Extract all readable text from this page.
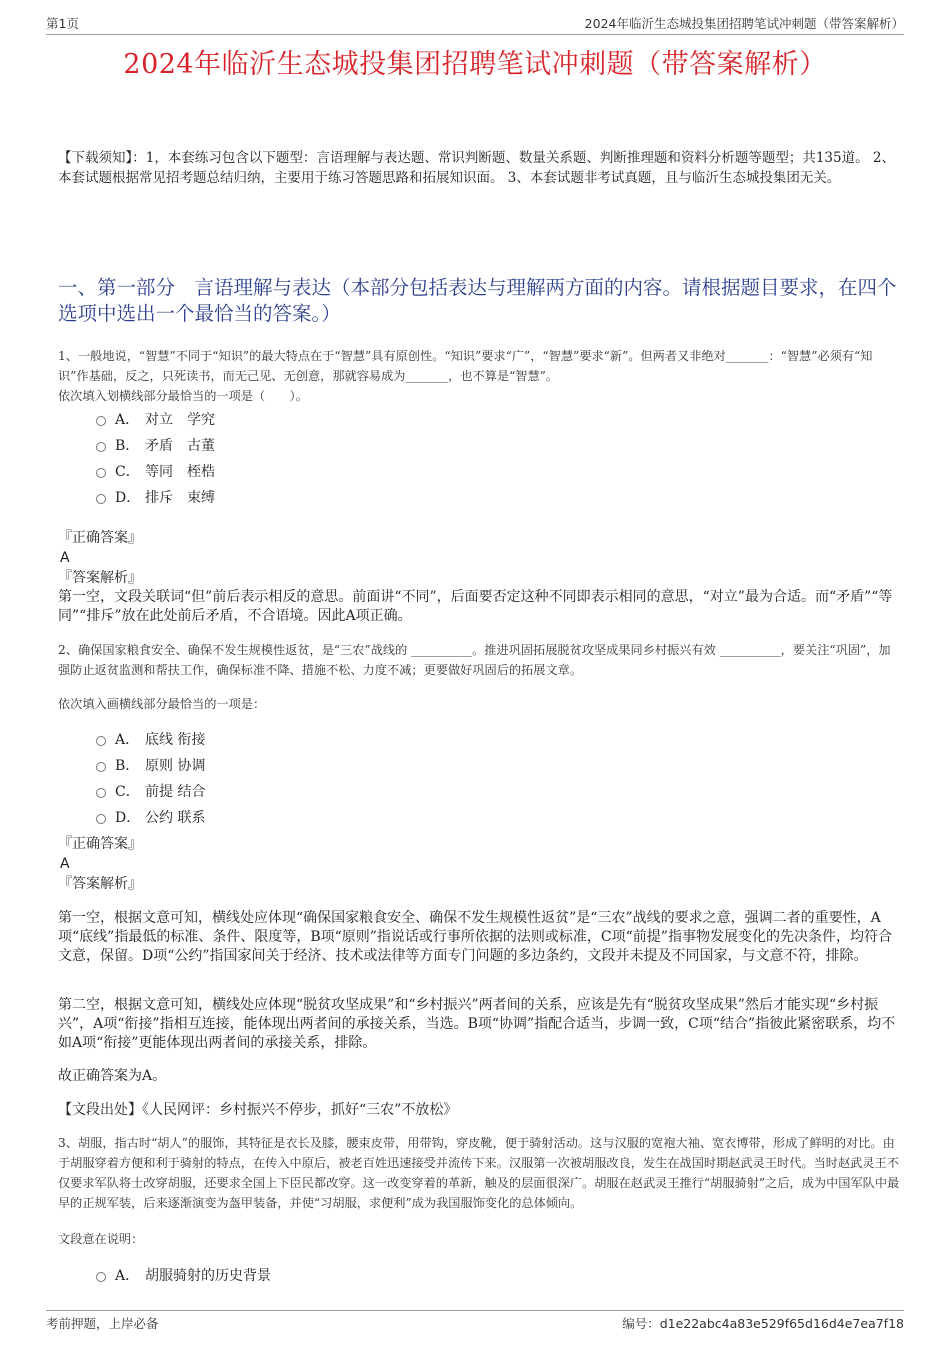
第1页	2024年临沂生态城投集团招聘笔试冲刺题（带答案解析）
2024年临沂生态城投集团招聘笔试冲刺题（带答案解析）

【下载须知】：1，本套练习包含以下题型：言语理解与表达题、常识判断题、数量关系题、判断推理题和资料分析题等题型；共135道。 2、本套试题根据常见招考题总结归纳，主要用于练习答题思路和拓展知识面。 3、本套试题非考试真题，且与临沂生态城投集团无关。

一、第一部分　言语理解与表达（本部分包括表达与理解两方面的内容。请根据题目要求，在四个选项中选出一个最恰当的答案。）

1、一般地说，“智慧”不同于“知识”的最大特点在于“智慧”具有原创性。“知识”要求“广”，“智慧”要求“新”。但两者又非绝对_______：“智慧”必须有“知识”作基础，反之，只死读书，而无己见、无创意，那就容易成为_______，也不算是“智慧”。

依次填入划横线部分最恰当的一项是（　　）。

A． 对立　学究
B． 矛盾　古董
C． 等同　桎梏
D． 排斥　束缚

『正确答案』

A

『答案解析』

第一空，文段关联词“但”前后表示相反的意思。前面讲“不同”，后面要否定这种不同即表示相同的意思，“对立”最为合适。而“矛盾”“等同”“排斥”放在此处前后矛盾，不合语境。因此A项正确。

2、确保国家粮食安全、确保不发生规模性返贫，是“三农”战线的 __________。推进巩固拓展脱贫攻坚成果同乡村振兴有效 __________，要关注“巩固”，加强防止返贫监测和帮扶工作，确保标准不降、措施不松、力度不减；更要做好巩固后的拓展文章。

依次填入画横线部分最恰当的一项是：

A． 底线 衔接
B． 原则 协调
C． 前提 结合
D． 公约 联系

『正确答案』

A

『答案解析』

第一空，根据文意可知，横线处应体现“确保国家粮食安全、确保不发生规模性返贫”是“三农”战线的要求之意，强调二者的重要性，A项“底线”指最低的标准、条件、限度等，B项“原则”指说话或行事所依据的法则或标准，C项“前提”指事物发展变化的先决条件，均符合文意，保留。D项“公约”指国家间关于经济、技术或法律等方面专门问题的多边条约，文段并未提及不同国家，与文意不符，排除。

第二空，根据文意可知，横线处应体现“脱贫攻坚成果”和“乡村振兴”两者间的关系，应该是先有“脱贫攻坚成果”然后才能实现“乡村振兴”，A项“衔接”指相互连接，能体现出两者间的承接关系，当选。B项“协调”指配合适当，步调一致，C项“结合”指彼此紧密联系，均不如A项“衔接”更能体现出两者间的承接关系，排除。

故正确答案为A。

【文段出处】《人民网评：乡村振兴不停步，抓好“三农”不放松》

3、胡服，指古时“胡人”的服饰，其特征是衣长及膝，腰束皮带，用带钩，穿皮靴，便于骑射活动。这与汉服的宽袍大袖、宽衣博带，形成了鲜明的对比。由于胡服穿着方便和利于骑射的特点，在传入中原后，被老百姓迅速接受并流传下来。汉服第一次被胡服改良，发生在战国时期赵武灵王时代。当时赵武灵王不仅要求军队将士改穿胡服，还要求全国上下臣民都改穿。这一改变穿着的革新，触及的层面很深广。胡服在赵武灵王推行“胡服骑射”之后，成为中国军队中最早的正规军装，后来逐渐演变为盔甲装备，并使“习胡服，求便利”成为我国服饰变化的总体倾向。

文段意在说明：

A． 胡服骑射的历史背景
考前押题，上岸必备	编号：d1e22abc4a83e529f65d16d4e7ea7f18
